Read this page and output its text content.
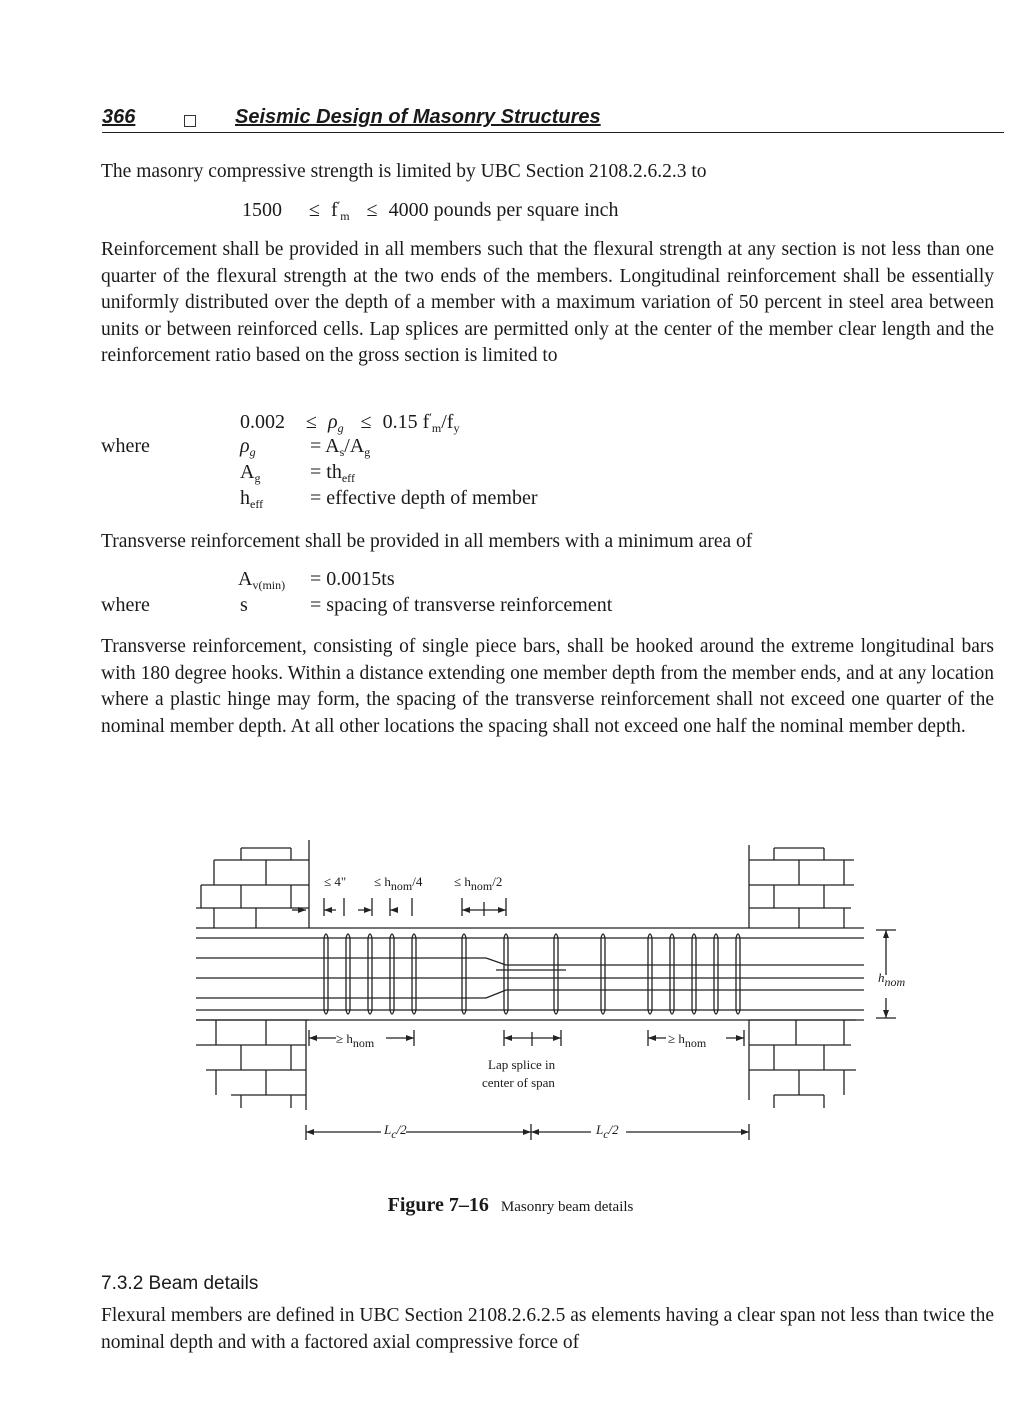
366	Seismic Design of Masonry Structures

The masonry compressive strength is limited by UBC Section 2108.2.6.2.3 to

$1500 \le f'_m \le 4000$ pounds per square inch

Reinforcement shall be provided in all members such that the flexural strength at any section is not less than one quarter of the flexural strength at the two ends of the members. Longitudinal reinforcement shall be essentially uniformly distributed over the depth of a member with a maximum variation of 50 percent in steel area between units or between reinforced cells. Lap splices are permitted only at the center of the member clear length and the reinforcement ratio based on the gross section is limited to

$0.002 \le \rho_g \le 0.15$ $f'_m/f_y$
where	$\rho_g$	= $A_s/A_g$
$A_g = th_{eff}$
$h_{eff}$ = effective depth of member

Transverse reinforcement shall be provided in all members with a minimum area of

$A_{v(min)} = 0.0015ts$
where	s	= spacing of transverse reinforcement

Transverse reinforcement, consisting of single piece bars, shall be hooked around the extreme longitudinal bars with 180 degree hooks. Within a distance extending one member depth from the member ends, and at any location where a plastic hinge may form, the spacing of the transverse reinforcement shall not exceed one quarter of the nominal member depth. At all other locations the spacing shall not exceed one half the nominal member depth.

≤ 4" ≤ $h_{nom}/4 \le h_{nom}/2$
$h_{nom}$
≥ $h_{nom}$	≥ $h_{nom}$
Lap splice in
center of span
$L_c/2$	$L_c/2$
Figure 7–16 Masonry beam details
7.3.2 Beam details

Flexural members are defined in UBC Section 2108.2.6.2.5 as elements having a clear span not less than twice the nominal depth and with a factored axial compressive force of
